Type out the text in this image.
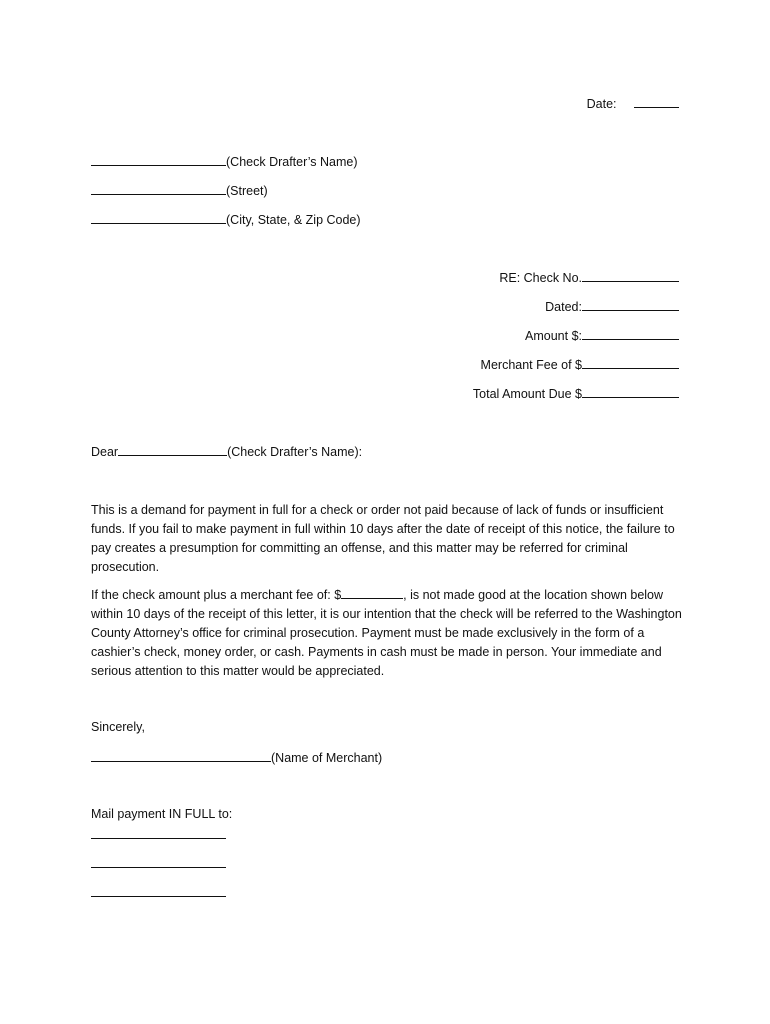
Date:
(Check Drafter’s Name)
(Street)
(City, State, & Zip Code)
RE: Check No.
Dated:
Amount $:
Merchant Fee of $
Total Amount Due $
Dear	(Check Drafter’s Name):

This is a demand for payment in full for a check or order not paid because of lack of funds or insufficient funds. If you fail to make payment in full within 10 days after the date of receipt of this notice, the failure to pay creates a presumption for committing an offense, and this matter may be referred for criminal prosecution.

If the check amount plus a merchant fee of: $	, is not made good at the location shown below within 10 days of the receipt of this letter, it is our intention that the check will be referred to the Washington County Attorney’s office for criminal prosecution. Payment must be made exclusively in the form of a cashier’s check, money order, or cash. Payments in cash must be made in person. Your immediate and serious attention to this matter would be appreciated.

Sincerely,
(Name of Merchant)
Mail payment IN FULL to:
